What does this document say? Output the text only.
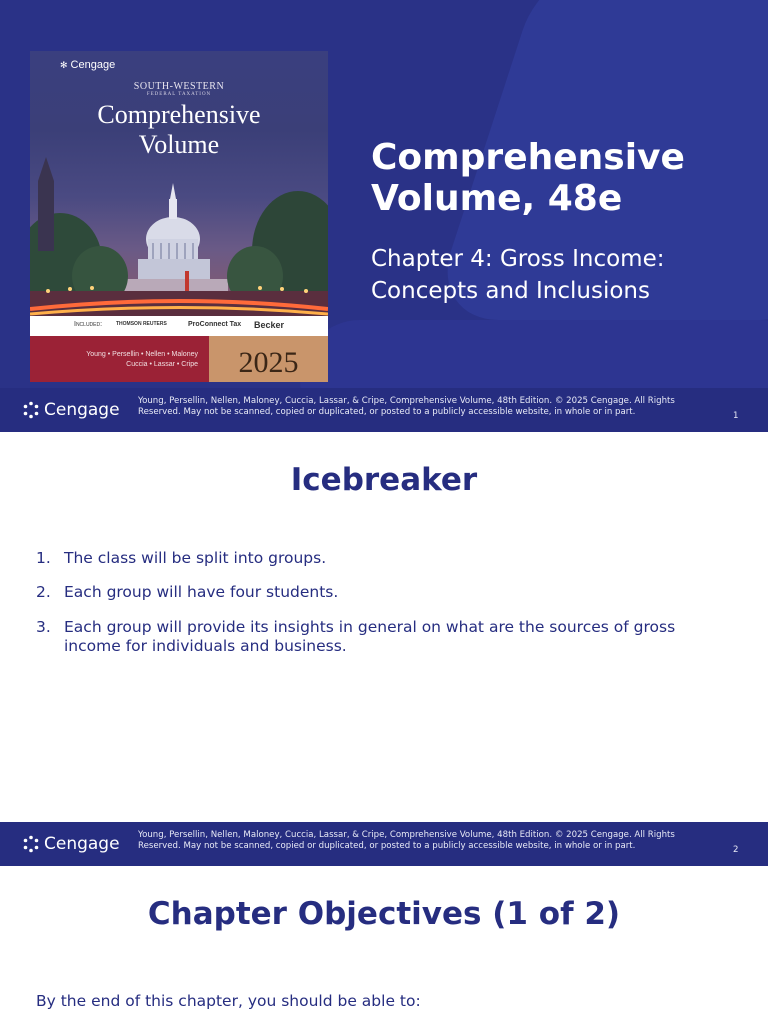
✻ Cengage
SOUTH-WESTERN
FEDERAL TAXATION
Comprehensive
Volume
Included:	THOMSON REUTERS	ProConnect Tax Becker
Young • Persellin • Nellen • Maloney
Cuccia • Lassar • Cripe	2025
Comprehensive
Volume, 48e
Chapter 4: Gross Income:
Concepts and Inclusions
Cengage Young, Persellin, Nellen, Maloney, Cuccia, Lassar, & Cripe, Comprehensive Volume, 48th Edition. © 2025 Cengage. All Rights
Reserved. May not be scanned, copied or duplicated, or posted to a publicly accessible website, in whole or in part.	1
Icebreaker
1. The class will be split into groups.
2. Each group will have four students.
3. Each group will provide its insights in general on what are the sources of gross income for individuals and business.
Cengage Young, Persellin, Nellen, Maloney, Cuccia, Lassar, & Cripe, Comprehensive Volume, 48th Edition. © 2025 Cengage. All Rights
Reserved. May not be scanned, copied or duplicated, or posted to a publicly accessible website, in whole or in part.	2
Chapter Objectives (1 of 2)
By the end of this chapter, you should be able to:
